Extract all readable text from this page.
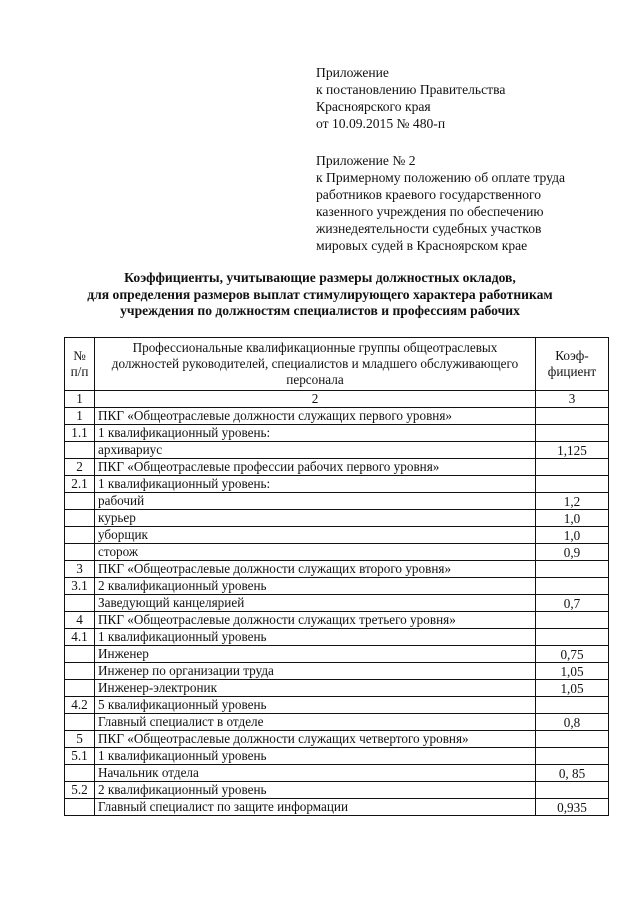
Приложение
к постановлению Правительства
Красноярского края
от 10.09.2015 № 480-п
Приложение № 2
к Примерному положению об оплате труда
работников краевого государственного
казенного учреждения по обеспечению
жизнедеятельности судебных участков
мировых судей в Красноярском крае
Коэффициенты, учитывающие размеры должностных окладов,
для определения размеров выплат стимулирующего характера работникам
учреждения по должностям специалистов и профессиям рабочих
№ п/п	Профессиональные квалификационные группы общеотраслевых должностей руководителей, специалистов и младшего обслуживающего персонала	Коэф- фициент
1	2	3
1	ПКГ «Общеотраслевые должности служащих первого уровня»	
1.1	1 квалификационный уровень:	
	архивариус	1,125
2	ПКГ «Общеотраслевые профессии рабочих первого уровня»	
2.1	1 квалификационный уровень:	
	рабочий	1,2
	курьер	1,0
	уборщик	1,0
	сторож	0,9
3	ПКГ «Общеотраслевые должности служащих второго уровня»	
3.1	2 квалификационный уровень	
	Заведующий канцелярией	0,7
4	ПКГ «Общеотраслевые должности служащих третьего уровня»	
4.1	1 квалификационный уровень	
	Инженер	0,75
	Инженер по организации труда	1,05
	Инженер-электроник	1,05
4.2	5 квалификационный уровень	
	Главный специалист в отделе	0,8
5	ПКГ «Общеотраслевые должности служащих четвертого уровня»	
5.1	1 квалификационный уровень	
	Начальник отдела	0, 85
5.2	2 квалификационный уровень	
	Главный специалист по защите информации	0,935
